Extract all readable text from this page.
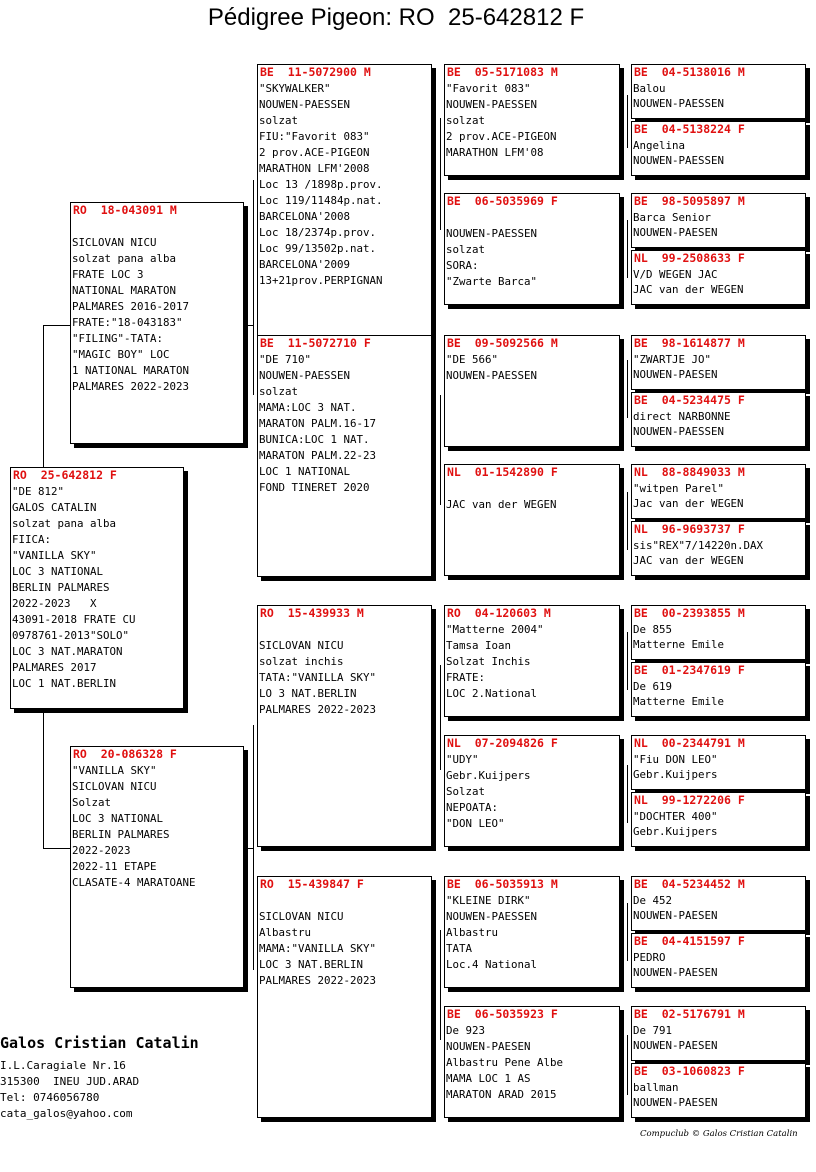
Pédigree Pigeon: RO  25-642812 F
RO  25-642812 F
"DE 812"
GALOS CATALIN
solzat pana alba
FIICA:
"VANILLA SKY"
LOC 3 NATIONAL
BERLIN PALMARES
2022-2023   X
43091-2018 FRATE CU
0978761-2013"SOLO"
LOC 3 NAT.MARATON
PALMARES 2017
LOC 1 NAT.BERLIN
RO  18-043091 M

SICLOVAN NICU
solzat pana alba
FRATE LOC 3
NATIONAL MARATON
PALMARES 2016-2017
FRATE:"18-043183"
"FILING"-TATA:
"MAGIC BOY" LOC
1 NATIONAL MARATON
PALMARES 2022-2023
RO  20-086328 F
"VANILLA SKY"
SICLOVAN NICU
Solzat
LOC 3 NATIONAL
BERLIN PALMARES
2022-2023
2022-11 ETAPE
CLASATE-4 MARATOANE
BE  11-5072900 M
"SKYWALKER"
NOUWEN-PAESSEN
solzat
FIU:"Favorit 083"
2 prov.ACE-PIGEON
MARATHON LFM'2008
Loc 13 /1898p.prov.
Loc 119/11484p.nat.
BARCELONA'2008
Loc 18/2374p.prov.
Loc 99/13502p.nat.
BARCELONA'2009
13+21prov.PERPIGNAN
BE  11-5072710 F
"DE 710"
NOUWEN-PAESSEN
solzat
MAMA:LOC 3 NAT.
MARATON PALM.16-17
BUNICA:LOC 1 NAT.
MARATON PALM.22-23
LOC 1 NATIONAL
FOND TINERET 2020
RO  15-439933 M

SICLOVAN NICU
solzat inchis
TATA:"VANILLA SKY"
LO 3 NAT.BERLIN
PALMARES 2022-2023
RO  15-439847 F

SICLOVAN NICU
Albastru
MAMA:"VANILLA SKY"
LOC 3 NAT.BERLIN
PALMARES 2022-2023
BE  05-5171083 M
"Favorit 083"
NOUWEN-PAESSEN
solzat
2 prov.ACE-PIGEON
MARATHON LFM'08
BE  06-5035969 F

NOUWEN-PAESSEN
solzat
SORA:
"Zwarte Barca"
BE  09-5092566 M
"DE 566"
NOUWEN-PAESSEN
NL  01-1542890 F

JAC van der WEGEN
RO  04-120603 M
"Matterne 2004"
Tamsa Ioan
Solzat Inchis
FRATE:
LOC 2.National
NL  07-2094826 F
"UDY"
Gebr.Kuijpers
Solzat
NEPOATA:
"DON LEO"
BE  06-5035913 M
"KLEINE DIRK"
NOUWEN-PAESSEN
Albastru
TATA
Loc.4 National
BE  06-5035923 F
De 923
NOUWEN-PAESEN
Albastru Pene Albe
MAMA LOC 1 AS
MARATON ARAD 2015
BE  04-5138016 M
Balou
NOUWEN-PAESSEN
BE  04-5138224 F
Angelina
NOUWEN-PAESSEN
BE  98-5095897 M
Barca Senior
NOUWEN-PAESEN
NL  99-2508633 F
V/D WEGEN JAC
JAC van der WEGEN
BE  98-1614877 M
"ZWARTJE JO"
NOUWEN-PAESEN
BE  04-5234475 F
direct NARBONNE
NOUWEN-PAESSEN
NL  88-8849033 M
"witpen Parel"
Jac van der WEGEN
NL  96-9693737 F
sis"REX"7/14220n.DAX
JAC van der WEGEN
BE  00-2393855 M
De 855
Matterne Emile
BE  01-2347619 F
De 619
Matterne Emile
NL  00-2344791 M
"Fiu DON LEO"
Gebr.Kuijpers
NL  99-1272206 F
"DOCHTER 400"
Gebr.Kuijpers
BE  04-5234452 M
De 452
NOUWEN-PAESEN
BE  04-4151597 F
PEDRO
NOUWEN-PAESEN
BE  02-5176791 M
De 791
NOUWEN-PAESEN
BE  03-1060823 F
ballman
NOUWEN-PAESEN
Galos Cristian Catalin
I.L.Caragiale Nr.16
315300  INEU JUD.ARAD
Tel: 0746056780
cata_galos@yahoo.com
Compuclub © Galos Cristian Catalin
